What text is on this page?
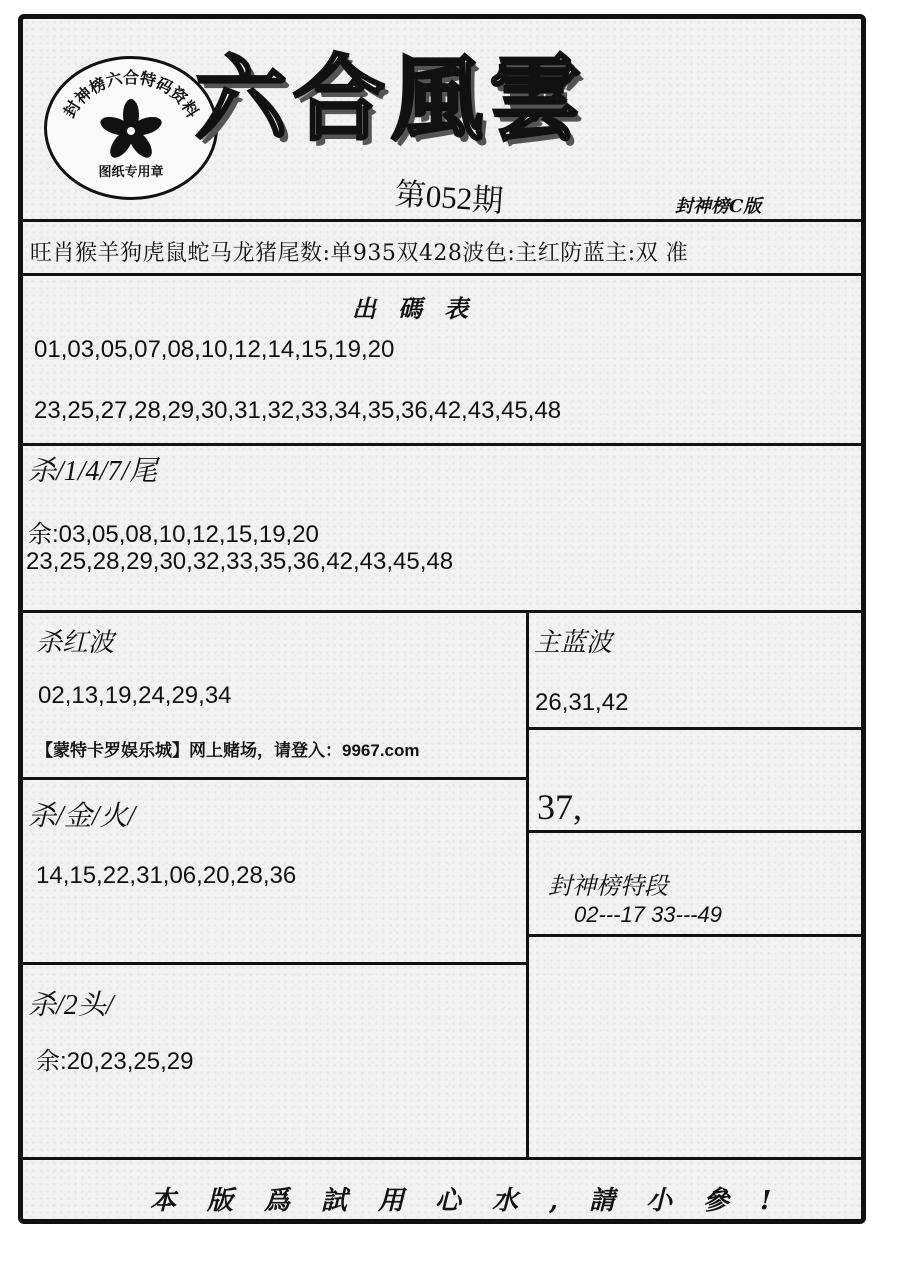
封神榜六合特码资料
图纸专用章
六合風雲
第052期	封神榜C版
旺肖猴羊狗虎鼠蛇马龙猪尾数:单935双428波色:主红防蓝主:双 准
出碼表
01,03,05,07,08,10,12,14,15,19,20
23,25,27,28,29,30,31,32,33,34,35,36,42,43,45,48
杀/1/4/7/尾
余:03,05,08,10,12,15,19,20
23,25,28,29,30,32,33,35,36,42,43,45,48
杀红波
02,13,19,24,29,34
【蒙特卡罗娱乐城】网上赌场，请登入：9967.com
主蓝波
26,31,42
杀/金/火/
14,15,22,31,06,20,28,36
37,
封神榜特段
02---17 33---49
杀/2头/
余:20,23,25,29
本版爲試用心水,請小參!
